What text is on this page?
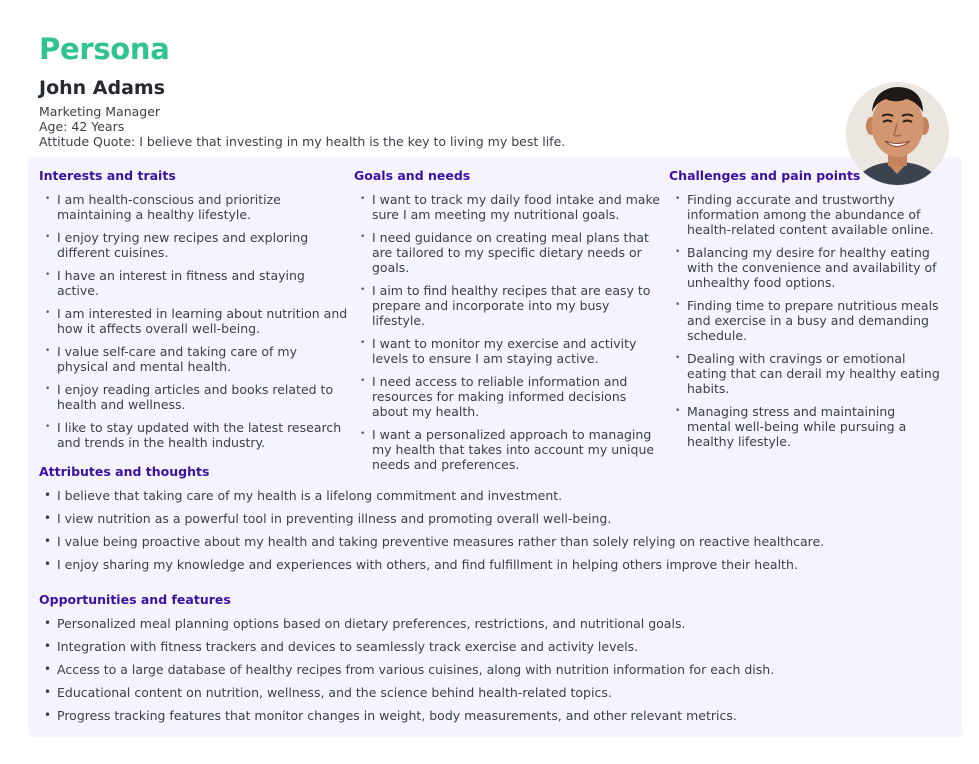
Persona
John Adams
Marketing Manager
Age: 42 Years
Attitude Quote: I believe that investing in my health is the key to living my best life.
Interests and traits
• I am health-conscious and prioritize maintaining a healthy lifestyle.
• I enjoy trying new recipes and exploring different cuisines.
• I have an interest in fitness and staying active.
• I am interested in learning about nutrition and how it affects overall well-being.
• I value self-care and taking care of my physical and mental health.
• I enjoy reading articles and books related to health and wellness.
• I like to stay updated with the latest research and trends in the health industry.
Goals and needs
• I want to track my daily food intake and make sure I am meeting my nutritional goals.
• I need guidance on creating meal plans that are tailored to my specific dietary needs or goals.
• I aim to find healthy recipes that are easy to prepare and incorporate into my busy lifestyle.
• I want to monitor my exercise and activity levels to ensure I am staying active.
• I need access to reliable information and resources for making informed decisions about my health.
• I want a personalized approach to managing my health that takes into account my unique needs and preferences.
Challenges and pain points
• Finding accurate and trustworthy information among the abundance of health-related content available online.
• Balancing my desire for healthy eating with the convenience and availability of unhealthy food options.
• Finding time to prepare nutritious meals and exercise in a busy and demanding schedule.
• Dealing with cravings or emotional eating that can derail my healthy eating habits.
• Managing stress and maintaining mental well-being while pursuing a healthy lifestyle.
Attributes and thoughts
• I believe that taking care of my health is a lifelong commitment and investment.
• I view nutrition as a powerful tool in preventing illness and promoting overall well-being.
• I value being proactive about my health and taking preventive measures rather than solely relying on reactive healthcare.
• I enjoy sharing my knowledge and experiences with others, and find fulfillment in helping others improve their health.
Opportunities and features
• Personalized meal planning options based on dietary preferences, restrictions, and nutritional goals.
• Integration with fitness trackers and devices to seamlessly track exercise and activity levels.
• Access to a large database of healthy recipes from various cuisines, along with nutrition information for each dish.
• Educational content on nutrition, wellness, and the science behind health-related topics.
• Progress tracking features that monitor changes in weight, body measurements, and other relevant metrics.
